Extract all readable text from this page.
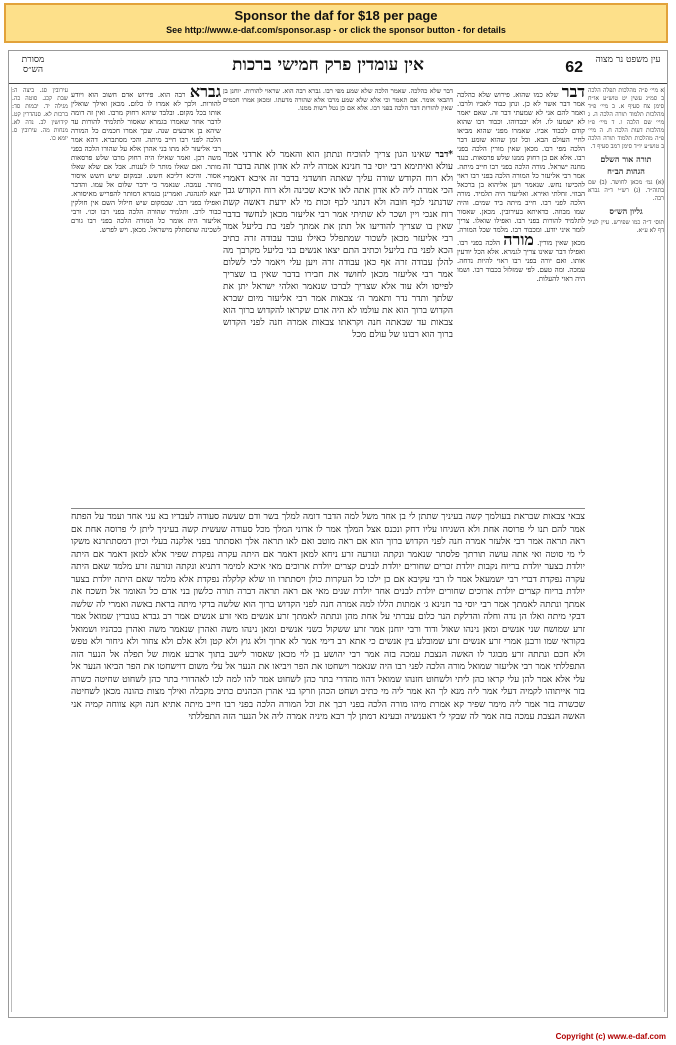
Sponsor the daf for $18 per page
See http://www.e-daf.com/sponsor.asp - or click the sponsor button - for details
עין משפט נר מצוה
62
אין עומדין פרק חמישי ברכות
מסורת הש״ס
א מיי׳ פ״ה מהלכות תפלה הלכה ב סמ״ג עשין יט טוש״ע או״ח סימן צח סעיף א. ב מיי׳ פ״ד מהלכות תלמוד תורה הלכה ה. ג מיי׳ שם הלכה ו. ד מיי׳ פ״ו מהלכות דעות הלכה ח. ה מיי׳ פ״ה מהלכות תלמוד תורה הלכה ב טוש״ע יו״ד סימן רמב סעיף ד.
תורה אור השלם
הגהות הב״ח
(א) גמ׳ מכאן לחושד. (ב) שם בתוה״ד. (ג) רש״י ד״ה גברא רבה.
גליון הש״ס
תוס׳ ד״ה כמו שפירש. עיין לעיל דף לא ע״א.
דבר שלא כמו שהוא. פירוש שלא כהלכה אמר דבר אשר לא כן. ונתן כבוד לאביו ולרבו. ואמר להם אני לא שמעתי דבר זה. שאם יאמר לא ישמעו לו. ולא יכבדוהו. וכבוד רבו שהוא קודם לכבוד אביו. שאמרו מפני שהוא מביאו לחיי העולם הבא. וכל זמן שהוא שומע דבר הלכה מפי רבו. מכאן שאין מורין הלכה בפני רבו. אלא אם כן רחוק ממנו שלש פרסאות. כנגד מחנה ישראל. מורה הלכה בפני רבו חייב מיתה. אמר רבי אליעזר כל המורה הלכה בפני רבו ראוי להכישו נחש. שנאמר ויען אליהוא בן ברכאל הבוזי. זחלתי ואירא. ואליעזר היה תלמיד. מורה הלכה לפני רבו. חייב מיתה ביד שמים. והיה שמו מבוזה. כדאיתא בעירובין. מכאן. שאסור לתלמיד להורות בפני רבו. ואפילו שואלו. צריך לומר איני יודע. ומכבוד רבו. מלמד שכל המורה. מכאן שאין מורין. מורה הלכה בפני רבו. ואפילו דבר שאינו צריך לגמרא. אלא הכל יודעין אותו. ואם יורה בפני רבו ראוי להיות נדחה. עמכה. ומה טעם. לפי שמזלזל בכבוד רבו. ושמו היה ראוי להעלות.
דבר שלא כהלכה. שאמר הלכה שלא שמע מפי רבו. גברא רבה הוא. שראוי להורות. יוחנן בן דהבאי אומר. אם תאמר וכי אלא שלא שמע מרבו אלא שהורה מדעתו. ומכאן אמרו חכמים שאין להורות דבר הלכה בפני רבו. אלא אם כן נטל רשות ממנו.
*דבר שאינו הגון צריך להוכיח ונתתן הוא והאמר לא ארדני אמר עולא ואיתימא רבי יוסי בר חנינא אמרה ליה לא אדון אתה בדבר זה ולא רוח הקודש שורה עליך שאתה חושדני בדבר זה איכא דאמרי הכי אמרה ליה לא אדון אתה לאו איכא שכינה ולא רוח הקודש גבך שדנתני לכף חובה ולא דנתני לכף זכות מי לא ידעת דאשה קשת רוח אנכי ויין ושכר לא שתיתי אמר רבי אליעזר מכאן לנחשד בדבר שאין בו שצריך להודיעו אל תתן את אמתך לפני בת בליעל אמר רבי אליעזר מכאן לשכור שמתפלל כאילו עובד עבודה זרה כתיב הכא לפני בת בליעל וכתיב התם יצאו אנשים בני בליעל מקרבך מה להלן עבודה זרה אף כאן עבודה זרה ויען עלי ויאמר לכי לשלום אמר רבי אליעזר מכאן לחושד את חבירו בדבר שאין בו שצריך לפייסו ולא עוד אלא שצריך לברכו שנאמר ואלהי ישראל יתן את שלתך ותדר נדר ותאמר ה׳ צבאות אמר רבי אליעזר מיום שברא הקדוש ברוך הוא את עולמו לא היה אדם שקראו להקדוש ברוך הוא צבאות עד שבאתה חנה וקראתו צבאות אמרה חנה לפני הקדוש ברוך הוא רבונו של עולם מכל
גברא רבה הוא. פירוש אדם חשוב הוא ויודע להורות. ולכך לא אמרו לו כלום. מכאן ואילך שואלין אותו בכל מקום. ובלבד שיהא רחוק מרבו. ואין זה דומה לדבר אחר שאמרו בגמרא שאסור לתלמיד להורות עד שיהא בן ארבעים שנה. שכך אמרו חכמים כל המורה הלכה לפני רבו חייב מיתה. והכי מסתברא. דהא אמר רבי אליעזר לא מתו בני אהרן אלא על שהורו הלכה בפני משה רבן. ואמר שאילו היה רחוק מרבו שלש פרסאות מותר. ואם שאלו מותר לו לענות. אבל אם שלא שאלו אסור. והיכא דליכא חשש. ובמקום שיש חשש איסור מותר. עמכה. שנאמר כי ידבר שלום אל עמו. והדבר יוצא להנהגה. ואמרינן בגמרא דמותר להפריש מאיסורא. ואפילו בפני רבו. שבמקום שיש חילול השם אין חולקין כבוד לרב. ותלמיד שהורה הלכה בפני רבו וכו׳. ורבי אליעזר היה אומר כל המורה הלכה בפני רבו גורם לשכינה שתסתלק מישראל. מכאן. ויש לפרש.
צבאי צבאות שבראת בעולמך קשה בעיניך שתתן לי בן אחד משל למה הדבר דומה למלך בשר ודם שעשה סעודה לעבדיו בא עני אחד ועמד על הפתח אמר להם תנו לי פרוסה אחת ולא השגיחו עליו דחק ונכנס אצל המלך אמר לו אדוני המלך מכל סעודה שעשית קשה בעיניך ליתן לי פרוסה אחת אם ראה תראה אמר רבי אלעזר אמרה חנה לפני הקדוש ברוך הוא אם ראה מוטב ואם לאו תראה אלך ואסתתר בפני אלקנה בעלי וכיון דמסתתרנא משקו לי מי סוטה ואי אתה עושה תורתך פלסתר שנאמר ונקתה ונזרעה זרע ניחא למאן דאמר אם היתה עקרה נפקדת שפיר אלא למאן דאמר אם היתה יולדת בצער יולדת בריוח נקבות יולדת זכרים שחורים יולדת לבנים קצרים יולדת ארוכים מאי איכא למימר דתניא ונקתה ונזרעה זרע מלמד שאם היתה עקרה נפקדת דברי רבי ישמעאל אמר לו רבי עקיבא אם כן ילכו כל העקרות כולן ויסתתרו וזו שלא קלקלה נפקדת אלא מלמד שאם היתה יולדת בצער יולדת בריוח קצרים יולדת ארוכים שחורים יולדת לבנים אחד יולדת שנים מאי אם ראה תראה דברה תורה כלשון בני אדם כל האומר אל תשכח את אמתך ונתתה לאמתך אמר רבי יוסי בר חנינא ג׳ אמתות הללו למה אמרה חנה לפני הקדוש ברוך הוא שלשה בדקי מיתה בראת באשה ואמרי לה שלשה דבקי מיתה ואלו הן נדה וחלה והדלקת הנר כלום עברתי על אחת מהן ונתתה לאמתך זרע אנשים מאי זרע אנשים אמר רב גברא בגוברין שמואל אמר זרע שמושח שני אנשים ומאן נינהו שאול ודוד ורבי יוחנן אמר זרע ששקול כשני אנשים ומאן נינהו משה ואהרן שנאמר משה ואהרן בכהניו ושמואל בקוראי שמו ורבנן אמרי זרע אנשים זרע שמובלע בין אנשים כי אתא רב דימי אמר לא ארוך ולא גוץ ולא קטן ולא אלם ולא צחור ולא גיחור ולא טפש ולא חכם ונתתה זרע מבוגר לו האשה הנצבת עמכה בזה אמר רבי יהושע בן לוי מכאן שאסור לישב בתוך ארבע אמות של תפלה אל הנער הזה התפללתי אמר רבי אליעזר שמואל מורה הלכה לפני רבו היה שנאמר וישחטו את הפר ויביאו את הנער אל עלי משום דוישחטו את הפר הביאו הנער אל עלי אלא אמר להן עלי קראו כהן ליתי ולשחוט חזנהו שמואל דהוו מהדרי בתר כהן לשחוט אמר להו למה לכו לאהדורי בתר כהן לשחוט שחיטה כשרה בזר אייתוהו לקמיה דעלי אמר ליה מנא לך הא אמר ליה מי כתיב ושחט הכהן וזרקו בני אהרן הכהנים כתיב מקבלה ואילך מצות כהונה מכאן לשחיטה שכשרה בזר אמר ליה מימר שפיר קא אמרת מיהו מורה הלכה בפני רבך את וכל המורה הלכה בפני רבו חייב מיתה אתיא חנה וקא צווחה קמיה אני האשה הנצבת עמכה בזה אמר לה שבקי לי דאענשיה ובעינא דמתן לך רבא מיניה אמרה ליה אל הנער הזה התפללתי
עירובין סג. ביצה ה: שבת קכג. סוטה כה. מגילה יד. יבמות סד: ברכות לא. סנהדרין קט. קידושין לב. נדה לא. מנחות מה. עירובין ס. יומא כו.
Copyright (c) www.e-daf.com
